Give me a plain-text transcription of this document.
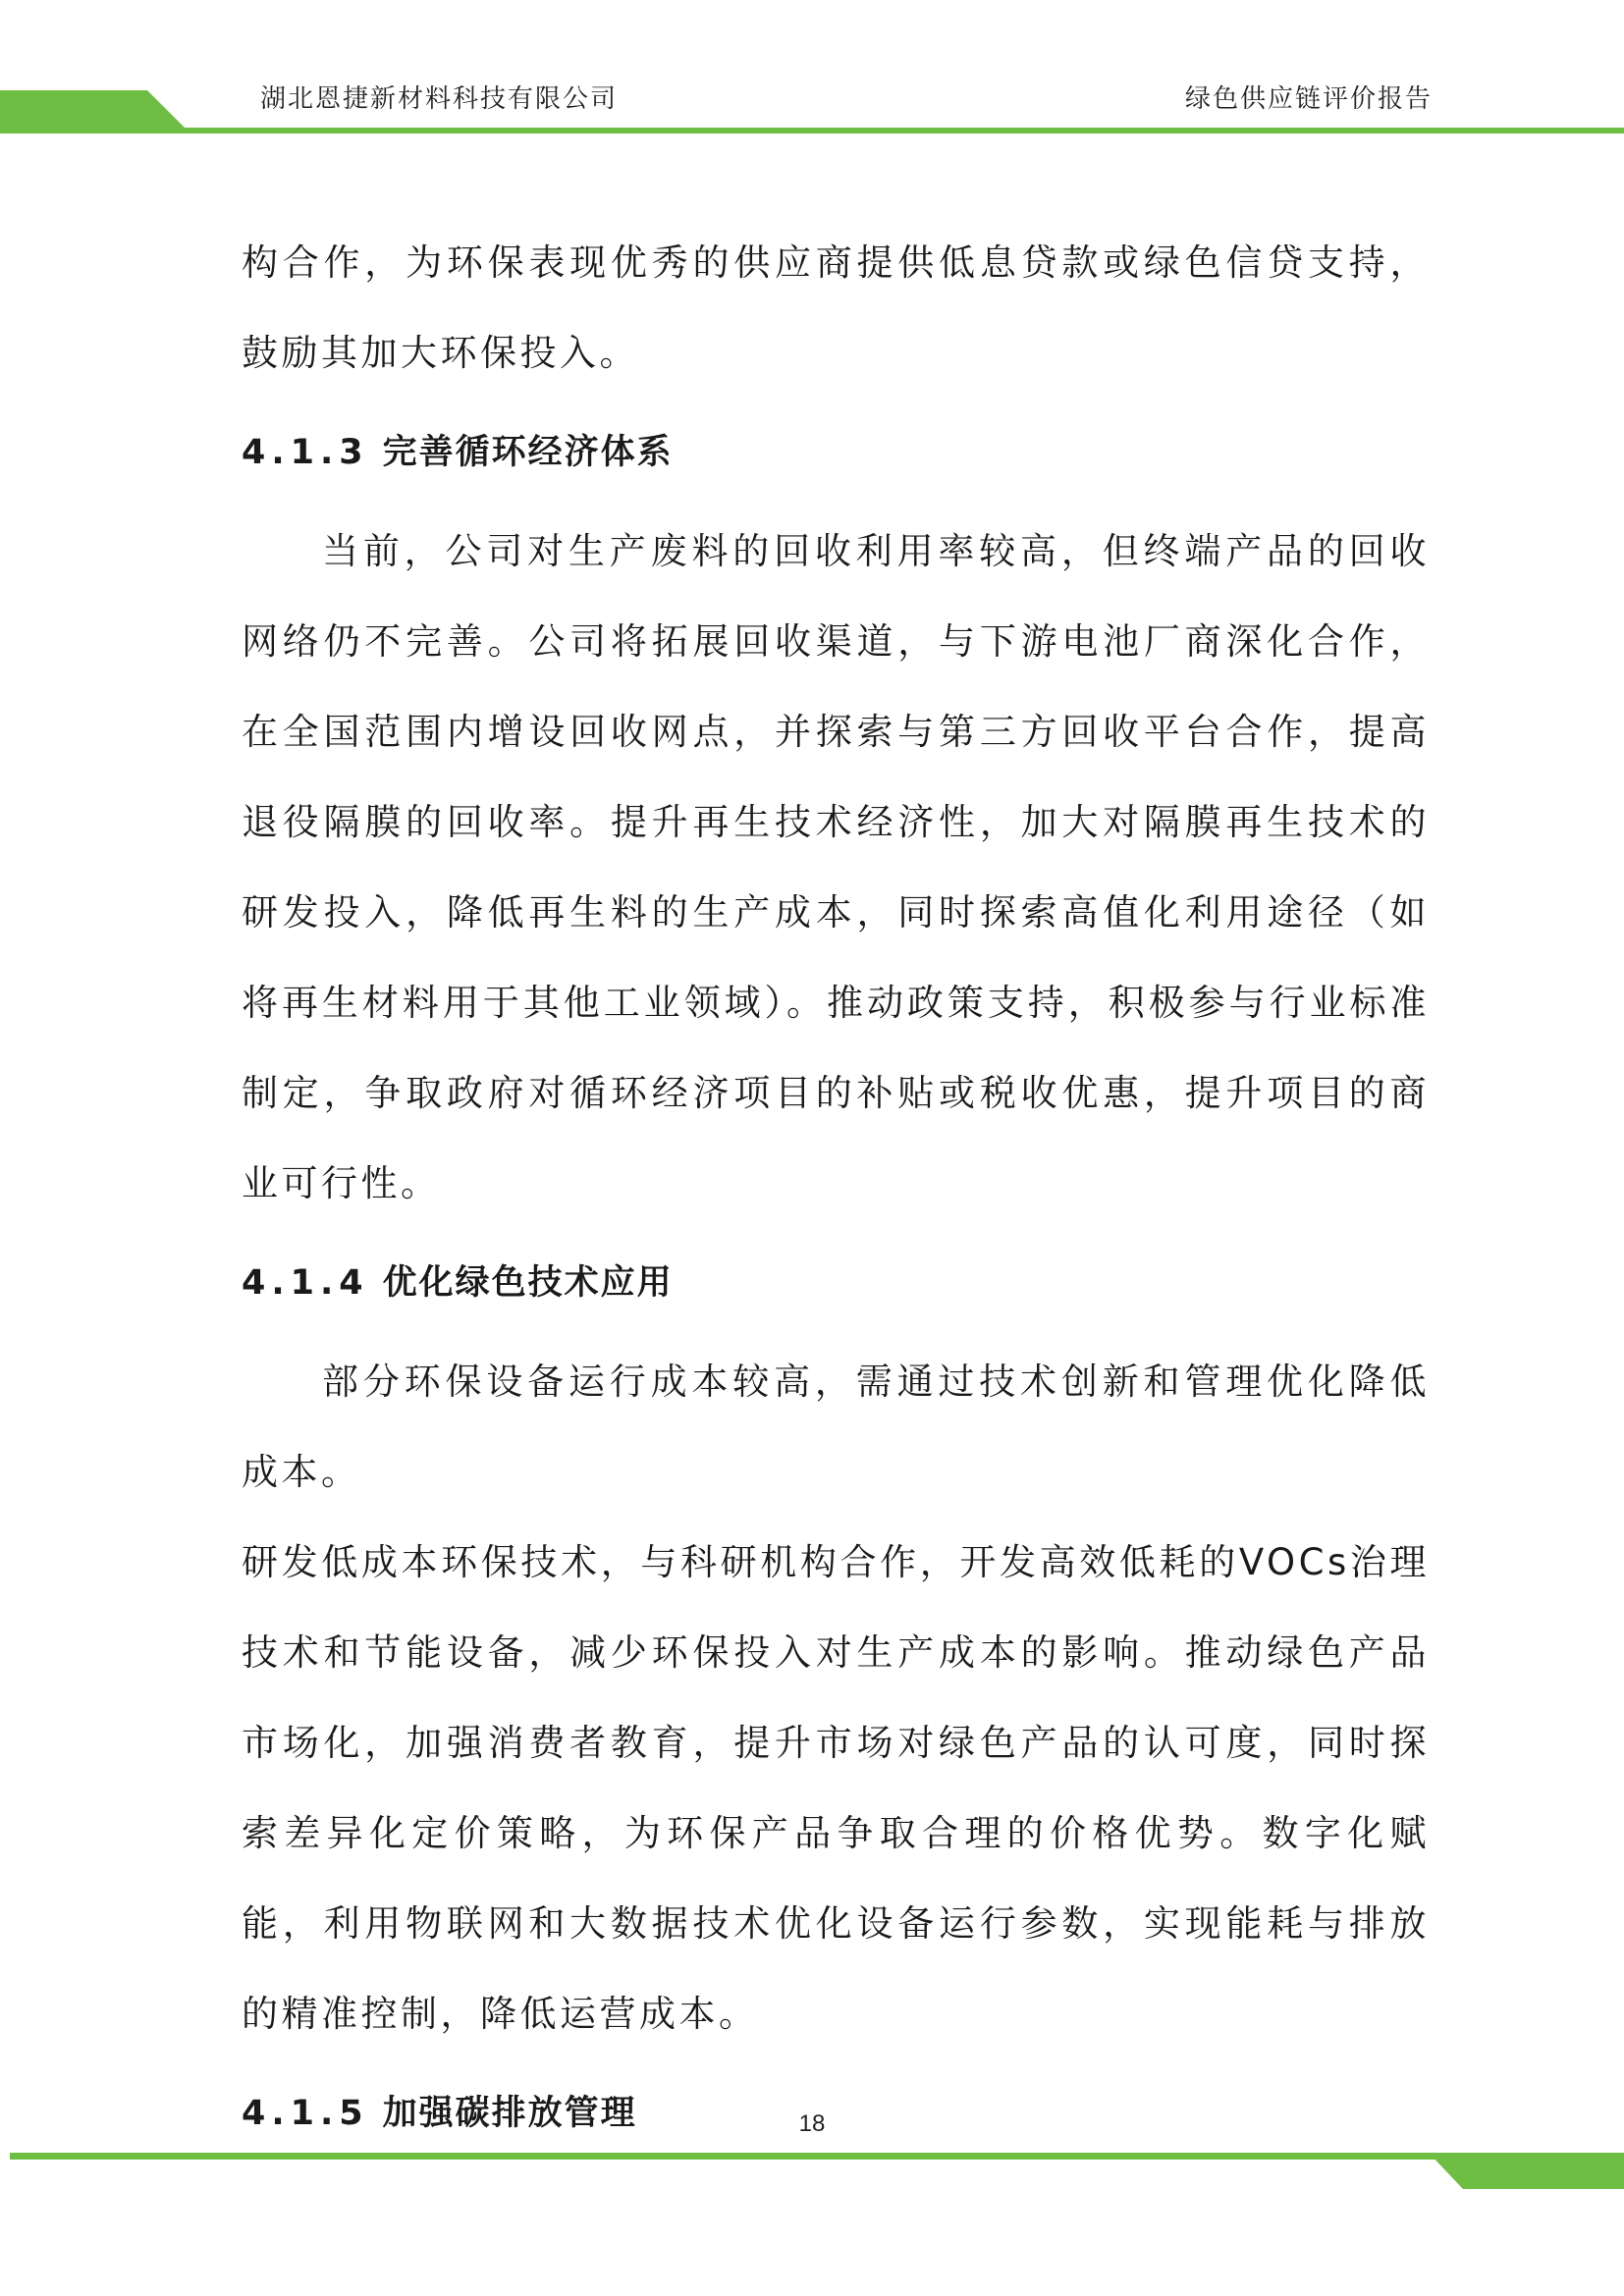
湖北恩捷新材料科技有限公司	绿色供应链评价报告

构合作，为环保表现优秀的供应商提供低息贷款或绿色信贷支持，鼓励其加大环保投入。

4.1.3 完善循环经济体系

当前，公司对生产废料的回收利用率较高，但终端产品的回收网络仍不完善。公司将拓展回收渠道，与下游电池厂商深化合作，在全国范围内增设回收网点，并探索与第三方回收平台合作，提高退役隔膜的回收率。提升再生技术经济性，加大对隔膜再生技术的研发投入，降低再生料的生产成本，同时探索高值化利用途径（如将再生材料用于其他工业领域）。推动政策支持，积极参与行业标准制定，争取政府对循环经济项目的补贴或税收优惠，提升项目的商业可行性。

4.1.4 优化绿色技术应用

部分环保设备运行成本较高，需通过技术创新和管理优化降低成本。

研发低成本环保技术，与科研机构合作，开发高效低耗的VOCs治理技术和节能设备，减少环保投入对生产成本的影响。推动绿色产品市场化，加强消费者教育，提升市场对绿色产品的认可度，同时探索差异化定价策略，为环保产品争取合理的价格优势。数字化赋能，利用物联网和大数据技术优化设备运行参数，实现能耗与排放的精准控制，降低运营成本。

4.1.5 加强碳排放管理	18
